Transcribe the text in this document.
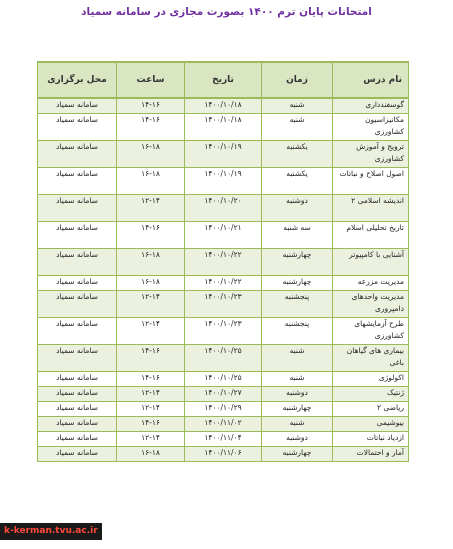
امتحانات پایان ترم ۱۴۰۰ بصورت مجازی در سامانه سمیاد
نام درس	زمان	تاریخ	ساعت	محل برگزاری
گوسفندداری	شنبه	۱۴۰۰/۱۰/۱۸	۱۴-۱۶	سامانه سمیاد
مکانیزاسیون کشاورزی	شنبه	۱۴۰۰/۱۰/۱۸	۱۴-۱۶	سامانه سمیاد
ترویج و آموزش کشاورزی	یکشنبه	۱۴۰۰/۱۰/۱۹	۱۶-۱۸	سامانه سمیاد
اصول اصلاح و نباتات	یکشنبه	۱۴۰۰/۱۰/۱۹	۱۶-۱۸	سامانه سمیاد
اندیشه اسلامی ۲	دوشنبه	۱۴۰۰/۱۰/۲۰	۱۲-۱۴	سامانه سمیاد
تاریخ تحلیلی اسلام	سه شنبه	۱۴۰۰/۱۰/۲۱	۱۴-۱۶	سامانه سمیاد
آشنایی با کامپیوتر	چهارشنبه	۱۴۰۰/۱۰/۲۲	۱۶-۱۸	سامانه سمیاد
مدیریت مزرعه	چهارشنبه	۱۴۰۰/۱۰/۲۲	۱۶-۱۸	سامانه سمیاد
مدیریت واحدهای دامپروری	پنجشنبه	۱۴۰۰/۱۰/۲۳	۱۲-۱۴	سامانه سمیاد
طرح آزمایشهای کشاورزی	پنجشنبه	۱۴۰۰/۱۰/۲۳	۱۲-۱۴	سامانه سمیاد
بیماری های گیاهان باغی	شنبه	۱۴۰۰/۱۰/۲۵	۱۴-۱۶	سامانه سمیاد
اکولوژی	شنبه	۱۴۰۰/۱۰/۲۵	۱۴-۱۶	سامانه سمیاد
ژنتیک	دوشنبه	۱۴۰۰/۱۰/۲۷	۱۲-۱۴	سامانه سمیاد
ریاضی ۲	چهارشنبه	۱۴۰۰/۱۰/۲۹	۱۲-۱۴	سامانه سمیاد
بیوشیمی	شنبه	۱۴۰۰/۱۱/۰۲	۱۴-۱۶	سامانه سمیاد
ازدیاد نباتات	دوشنبه	۱۴۰۰/۱۱/۰۴	۱۲-۱۴	سامانه سمیاد
آمار و احتمالات	چهارشنبه	۱۴۰۰/۱۱/۰۶	۱۶-۱۸	سامانه سمیاد
k-kerman.tvu.ac.ir
